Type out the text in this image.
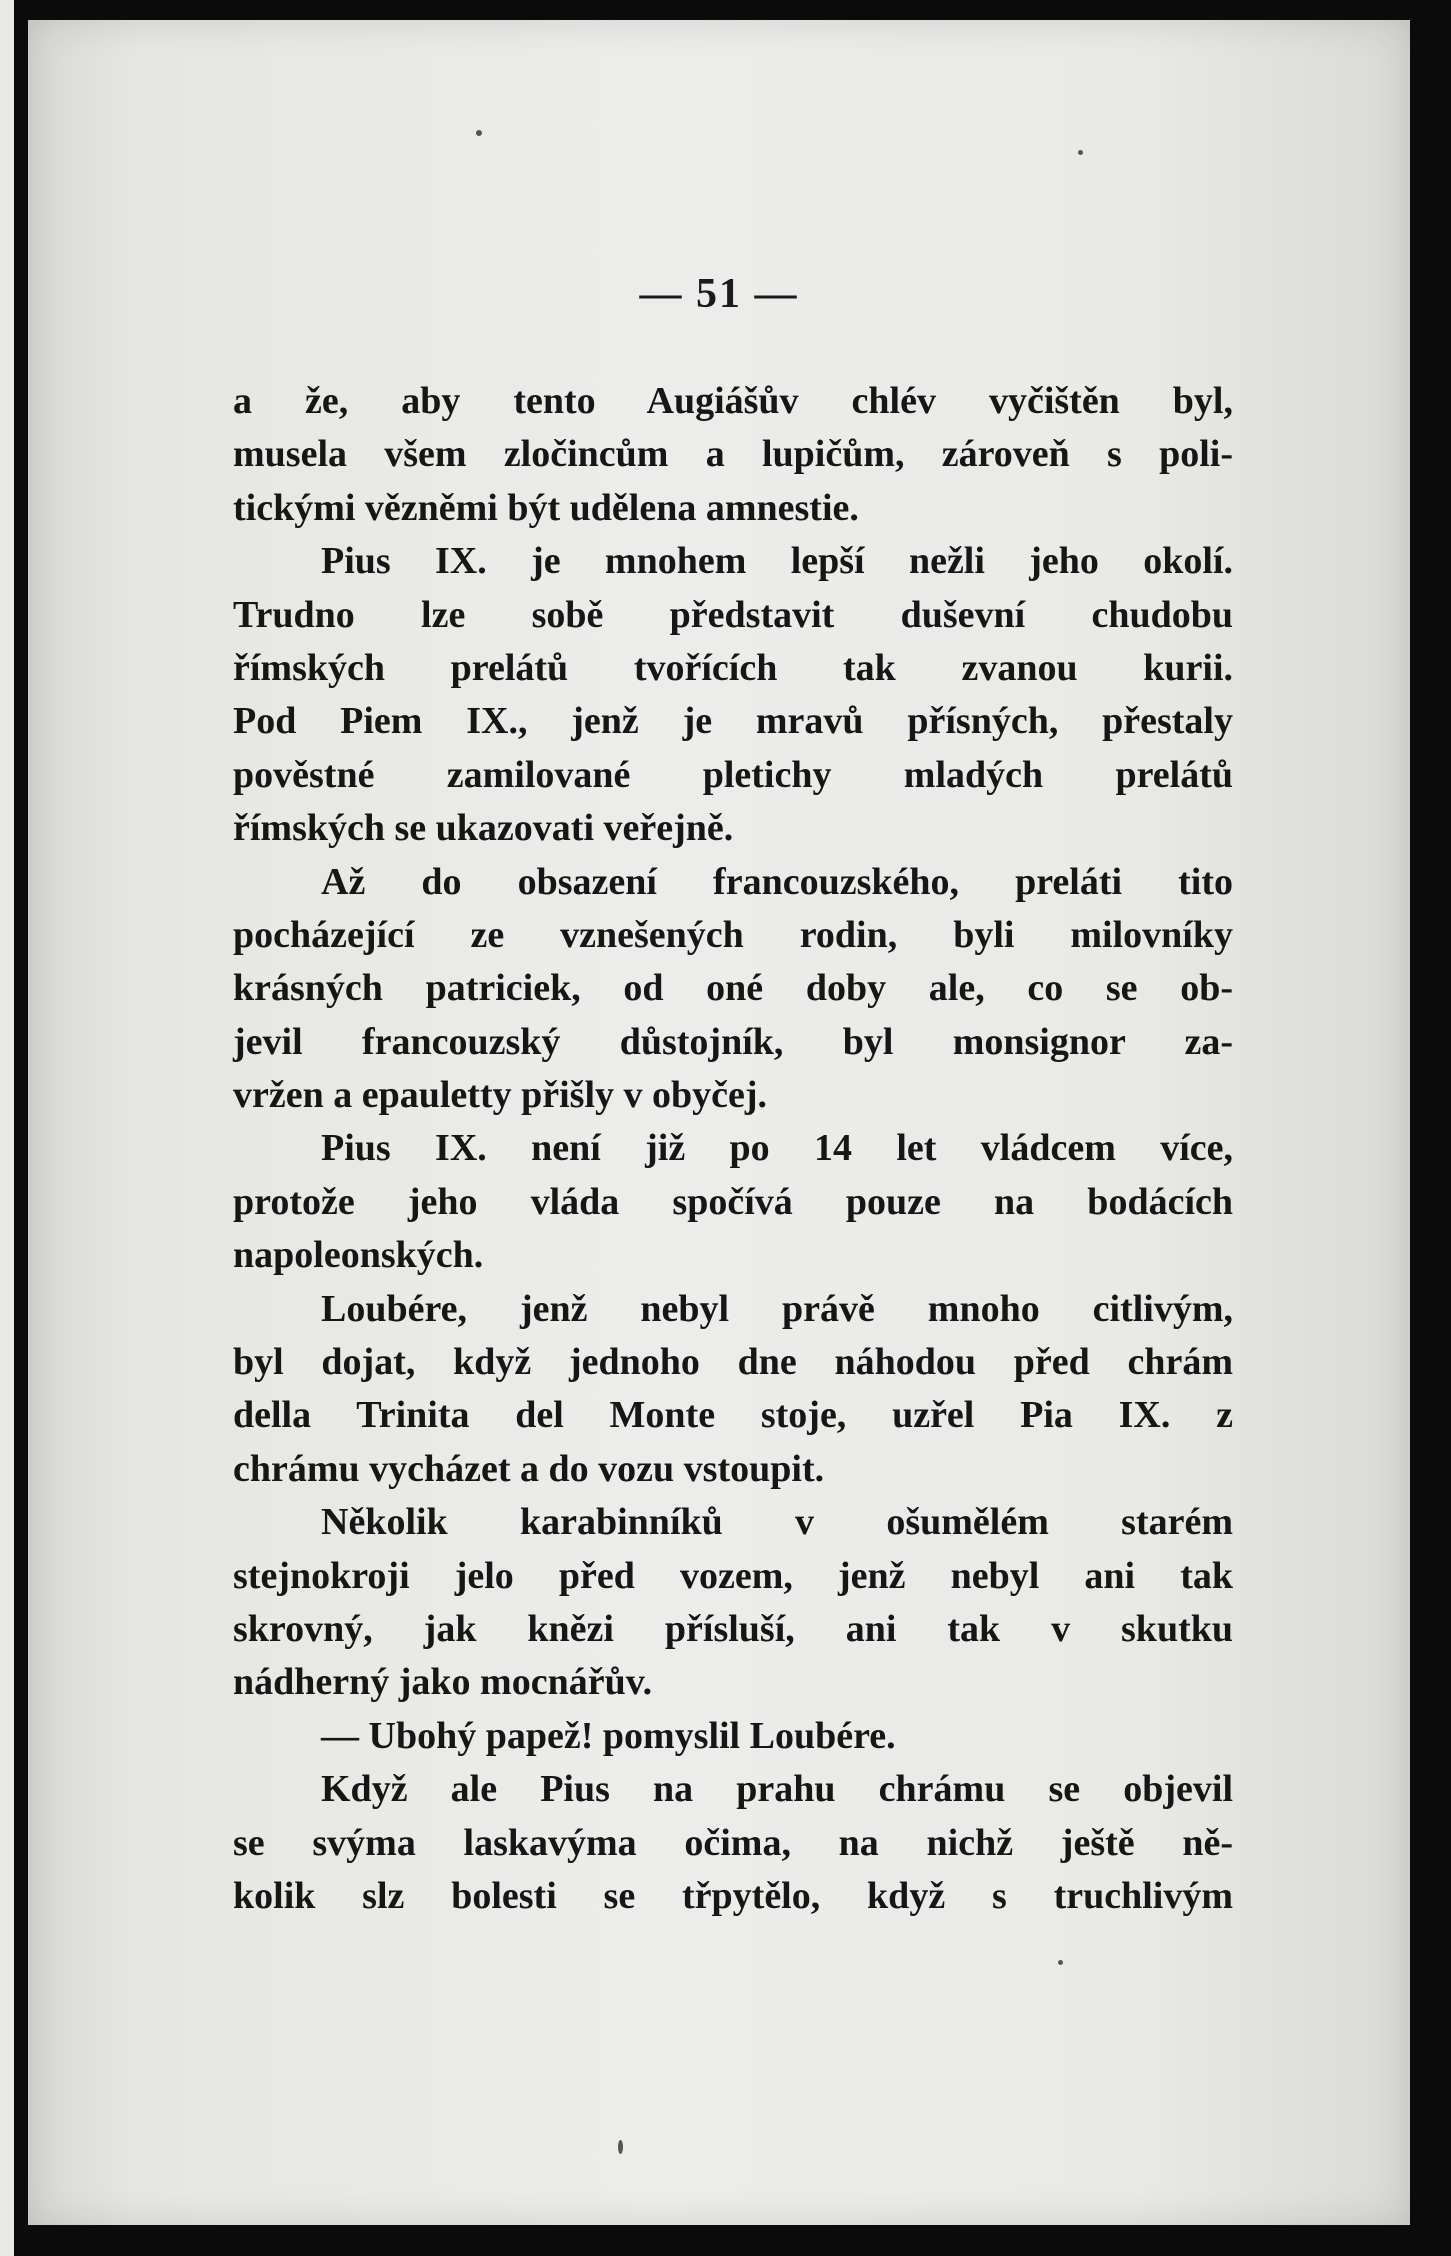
— 51 —
a že, aby tento Augiášův chlév vyčištěn byl,
musela všem zločincům a lupičům, zároveň s poli-
tickými vězněmi být udělena amnestie.
Pius IX. je mnohem lepší nežli jeho okolí.
Trudno lze sobě představit duševní chudobu
římských prelátů tvořících tak zvanou kurii.
Pod Piem IX., jenž je mravů přísných, přestaly
pověstné zamilované pletichy mladých prelátů
římských se ukazovati veřejně.
Až do obsazení francouzského, preláti tito
pocházející ze vznešených rodin, byli milovníky
krásných patriciek, od oné doby ale, co se ob-
jevil francouzský důstojník, byl monsignor za-
vržen a epauletty přišly v obyčej.
Pius IX. není již po 14 let vládcem více,
protože jeho vláda spočívá pouze na bodácích
napoleonských.
Loubére, jenž nebyl právě mnoho citlivým,
byl dojat, když jednoho dne náhodou před chrám
della Trinita del Monte stoje, uzřel Pia IX. z
chrámu vycházet a do vozu vstoupit.
Několik karabinníků v ošumělém starém
stejnokroji jelo před vozem, jenž nebyl ani tak
skrovný, jak knězi přísluší, ani tak v skutku
nádherný jako mocnářův.
— Ubohý papež! pomyslil Loubére.
Když ale Pius na prahu chrámu se objevil
se svýma laskavýma očima, na nichž ještě ně-
kolik slz bolesti se třpytělo, když s truchlivým
